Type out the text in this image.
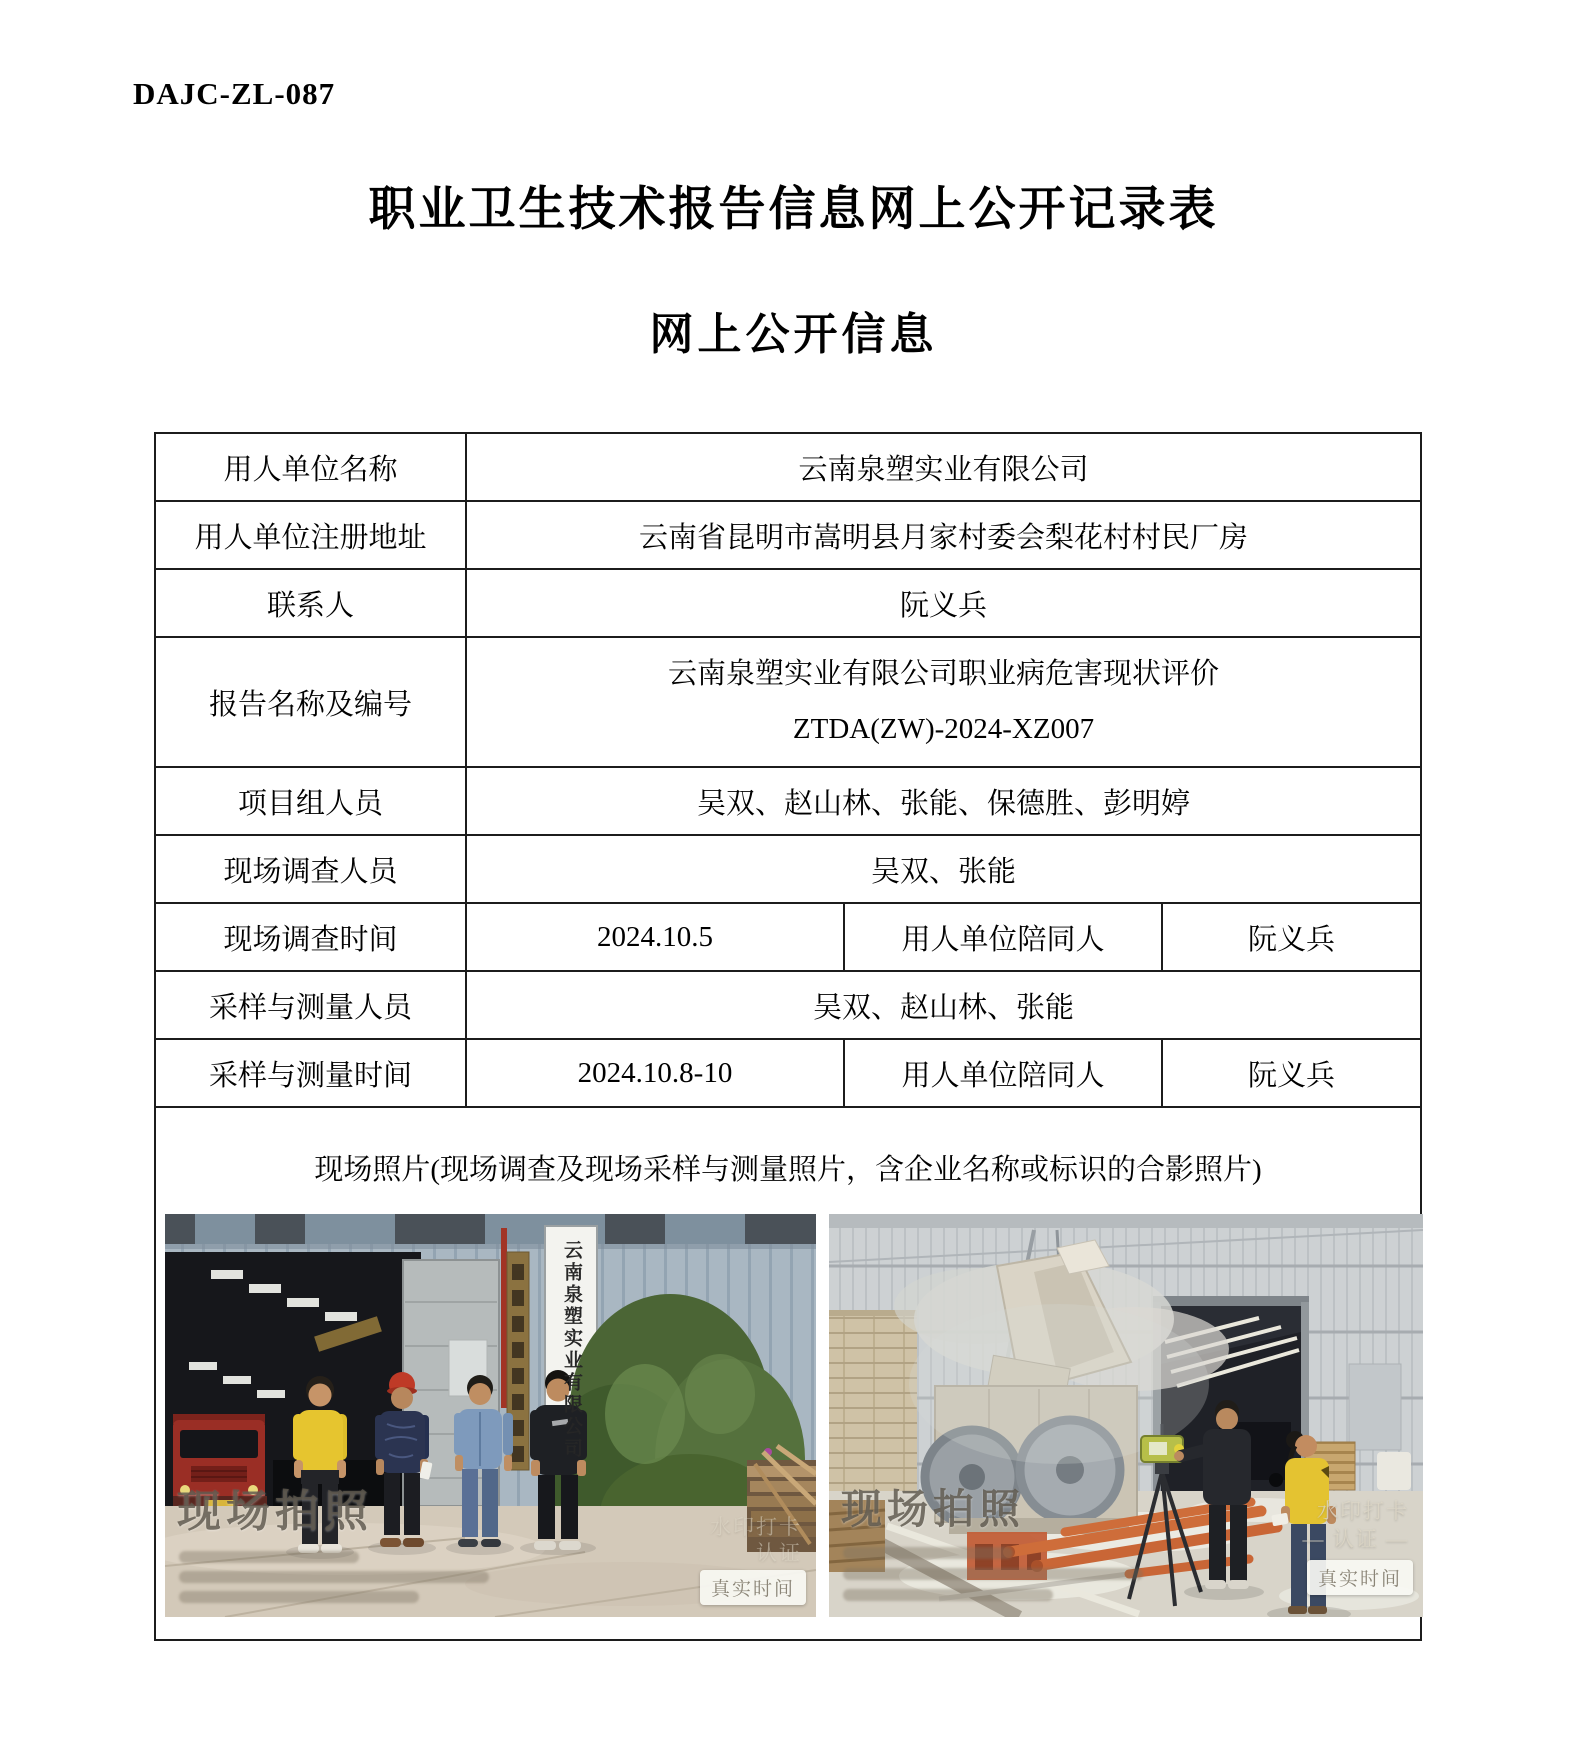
DAJC-ZL-087
职业卫生技术报告信息网上公开记录表
网上公开信息
用人单位名称	云南泉塑实业有限公司		
用人单位注册地址	云南省昆明市嵩明县月家村委会梨花村村民厂房		
联系人	阮义兵		
报告名称及编号	云南泉塑实业有限公司职业病危害现状评价
ZTDA(ZW)-2024-XZ007		

项目组人员	吴双、赵山林、张能、保德胜、彭明婷		
现场调查人员	吴双、张能		
现场调查时间	2024.10.5	用人单位陪同人	阮义兵
采样与测量人员	吴双、赵山林、张能		
采样与测量时间	2024.10.8-10	用人单位陪同人	阮义兵

现场照片(现场调查及现场采样与测量照片，含企业名称或标识的合影照片)
云南泉塑实业有限公司
现场拍照	水印打卡
认证
真实时间
现场拍照	水印打卡
— 认证 —
真实时间
